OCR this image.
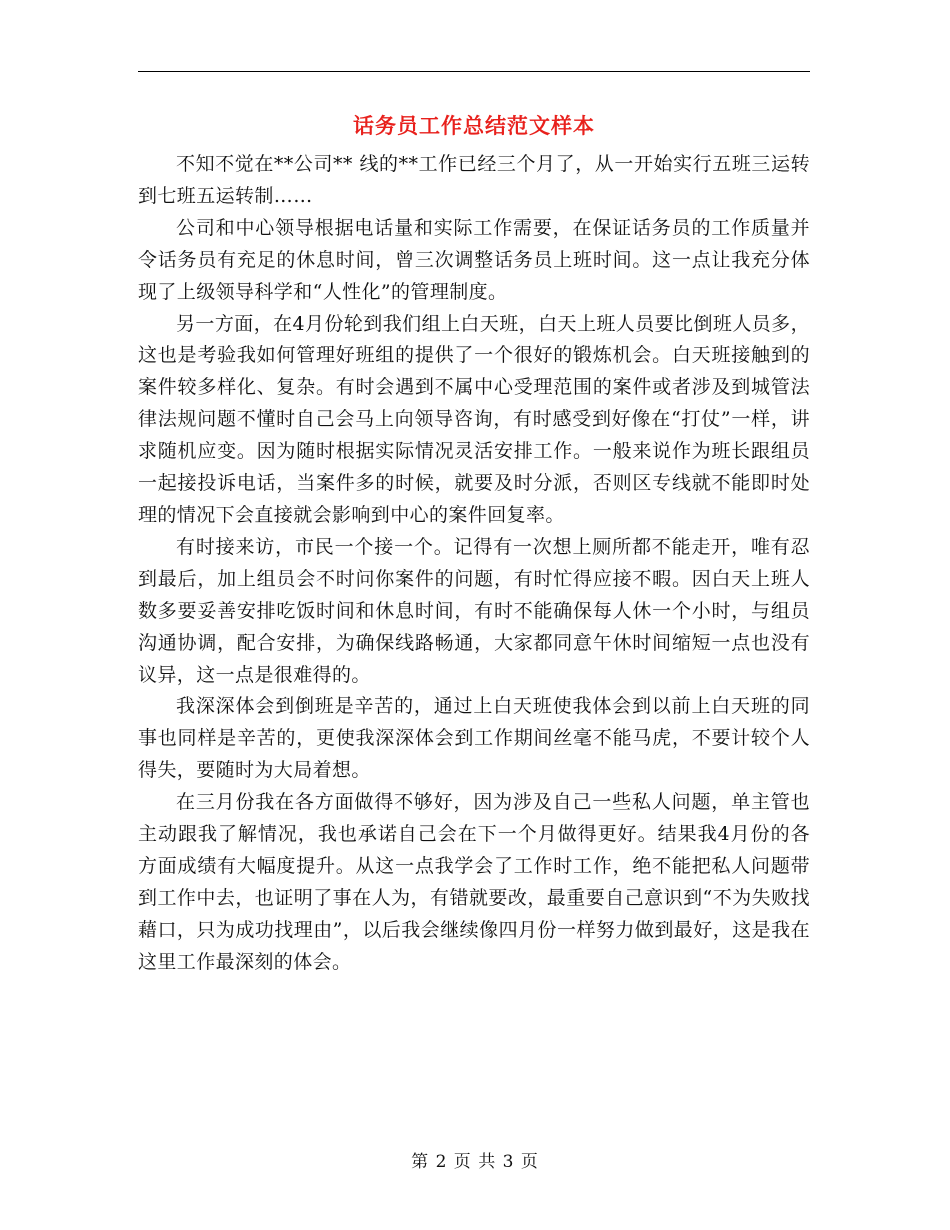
话务员工作总结范文样本

不知不觉在**公司** 线的**工作已经三个月了，从一开始实行五班三运转到七班五运转制……

公司和中心领导根据电话量和实际工作需要，在保证话务员的工作质量并令话务员有充足的休息时间，曾三次调整话务员上班时间。这一点让我充分体现了上级领导科学和“人性化”的管理制度。

另一方面，在4月份轮到我们组上白天班，白天上班人员要比倒班人员多，这也是考验我如何管理好班组的提供了一个很好的锻炼机会。白天班接触到的案件较多样化、复杂。有时会遇到不属中心受理范围的案件或者涉及到城管法律法规问题不懂时自己会马上向领导咨询，有时感受到好像在“打仗”一样，讲求随机应变。因为随时根据实际情况灵活安排工作。一般来说作为班长跟组员一起接投诉电话，当案件多的时候，就要及时分派，否则区专线就不能即时处理的情况下会直接就会影响到中心的案件回复率。

有时接来访，市民一个接一个。记得有一次想上厕所都不能走开，唯有忍到最后，加上组员会不时问你案件的问题，有时忙得应接不暇。因白天上班人数多要妥善安排吃饭时间和休息时间，有时不能确保每人休一个小时，与组员沟通协调，配合安排，为确保线路畅通，大家都同意午休时间缩短一点也没有议异，这一点是很难得的。

我深深体会到倒班是辛苦的，通过上白天班使我体会到以前上白天班的同事也同样是辛苦的，更使我深深体会到工作期间丝毫不能马虎，不要计较个人得失，要随时为大局着想。

在三月份我在各方面做得不够好，因为涉及自己一些私人问题，单主管也主动跟我了解情况，我也承诺自己会在下一个月做得更好。结果我4月份的各方面成绩有大幅度提升。从这一点我学会了工作时工作，绝不能把私人问题带到工作中去，也证明了事在人为，有错就要改，最重要自己意识到“不为失败找藉口，只为成功找理由”，以后我会继续像四月份一样努力做到最好，这是我在这里工作最深刻的体会。

第 2 页 共 3 页
